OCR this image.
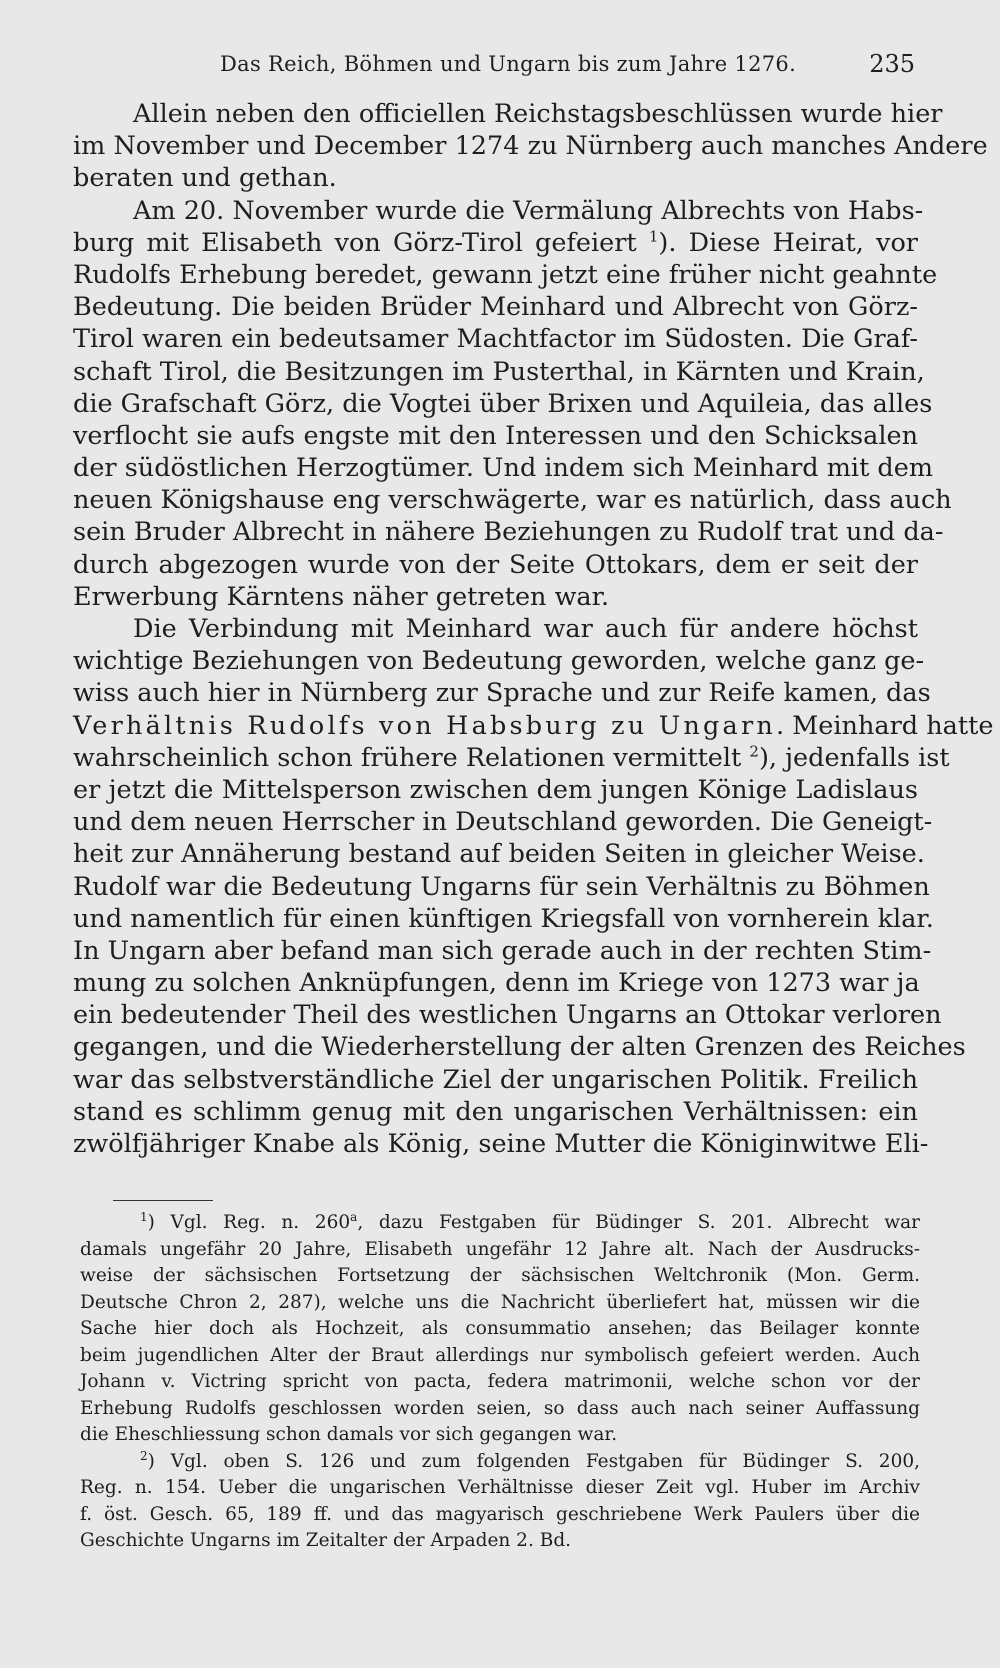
Das Reich, Böhmen und Ungarn bis zum Jahre 1276.	235
Allein neben den officiellen Reichstagsbeschlüssen wurde hier
im November und December 1274 zu Nürnberg auch manches Andere
beraten und gethan.
Am 20. November wurde die Vermälung Albrechts von Habs-
burg mit Elisabeth von Görz-Tirol gefeiert $^1$). Diese Heirat, vor
Rudolfs Erhebung beredet, gewann jetzt eine früher nicht geahnte
Bedeutung. Die beiden Brüder Meinhard und Albrecht von Görz-
Tirol waren ein bedeutsamer Machtfactor im Südosten. Die Graf-
schaft Tirol, die Besitzungen im Pusterthal, in Kärnten und Krain,
die Grafschaft Görz, die Vogtei über Brixen und Aquileia, das alles
verflocht sie aufs engste mit den Interessen und den Schicksalen
der südöstlichen Herzogtümer. Und indem sich Meinhard mit dem
neuen Königshause eng verschwägerte, war es natürlich, dass auch
sein Bruder Albrecht in nähere Beziehungen zu Rudolf trat und da-
durch abgezogen wurde von der Seite Ottokars, dem er seit der
Erwerbung Kärntens näher getreten war.
Die Verbindung mit Meinhard war auch für andere höchst
wichtige Beziehungen von Bedeutung geworden, welche ganz ge-
wiss auch hier in Nürnberg zur Sprache und zur Reife kamen, das
Verhältnis Rudolfs von Habsburg zu Ungarn. Meinhard hatte
wahrscheinlich schon frühere Relationen vermittelt $^2$), jedenfalls ist
er jetzt die Mittelsperson zwischen dem jungen Könige Ladislaus
und dem neuen Herrscher in Deutschland geworden. Die Geneigt-
heit zur Annäherung bestand auf beiden Seiten in gleicher Weise.
Rudolf war die Bedeutung Ungarns für sein Verhältnis zu Böhmen
und namentlich für einen künftigen Kriegsfall von vornherein klar.
In Ungarn aber befand man sich gerade auch in der rechten Stim-
mung zu solchen Anknüpfungen, denn im Kriege von 1273 war ja
ein bedeutender Theil des westlichen Ungarns an Ottokar verloren
gegangen, und die Wiederherstellung der alten Grenzen des Reiches
war das selbstverständliche Ziel der ungarischen Politik. Freilich
stand es schlimm genug mit den ungarischen Verhältnissen: ein
zwölfjähriger Knabe als König, seine Mutter die Königinwitwe Eli-
$^1$) Vgl. Reg. n. 260$^a$, dazu Festgaben für Büdinger S. 201. Albrecht war
damals ungefähr 20 Jahre, Elisabeth ungefähr 12 Jahre alt. Nach der Ausdrucks-
weise der sächsischen Fortsetzung der sächsischen Weltchronik (Mon. Germ.
Deutsche Chron 2, 287), welche uns die Nachricht überliefert hat, müssen wir die
Sache hier doch als Hochzeit, als consummatio ansehen; das Beilager konnte
beim jugendlichen Alter der Braut allerdings nur symbolisch gefeiert werden. Auch
Johann v. Victring spricht von pacta, federa matrimonii, welche schon vor der
Erhebung Rudolfs geschlossen worden seien, so dass auch nach seiner Auffassung
die Eheschliessung schon damals vor sich gegangen war.
$^2$) Vgl. oben S. 126 und zum folgenden Festgaben für Büdinger S. 200,
Reg. n. 154. Ueber die ungarischen Verhältnisse dieser Zeit vgl. Huber im Archiv
f. öst. Gesch. 65, 189 ff. und das magyarisch geschriebene Werk Paulers über die
Geschichte Ungarns im Zeitalter der Arpaden 2. Bd.
